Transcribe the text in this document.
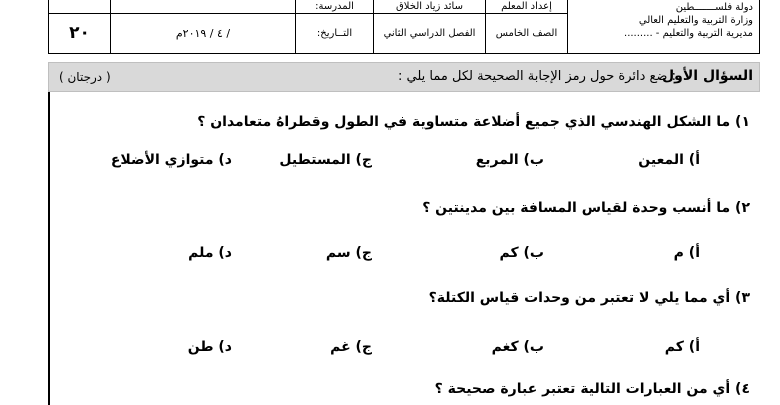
إعداد المعلم
سائد زياد الخلاق
المدرسة:
الصف الخامس
الفصل الدراسي الثاني
التــاريخ:
/ ٤ / ٢٠١٩م
٢٠
دولة فلســـــــطين
وزارة التربية والتعليم العالي
مديرية التربية والتعليم - .........
السؤال الأول
: ضع دائرة حول رمز الإجابة الصحيحة لكل مما يلي :
( درجتان )
١) ما الشكل الهندسي الذي جميع أضلاعة متساوية في الطول وقطراهُ متعامدان ؟
أ) المعين
ب) المربع
ج) المستطيل
د) متوازي الأضلاع
٢) ما أنسب وحدة لقياس المسافة بين مدينتين ؟
أ) م
ب) كم
ج) سم
د) ملم
٣) أي مما يلي لا تعتبر من وحدات قياس الكتلة؟
أ) كم
ب) كغم
ج) غم
د) طن
٤) أي من العبارات التالية تعتبر عبارة صحيحة ؟
